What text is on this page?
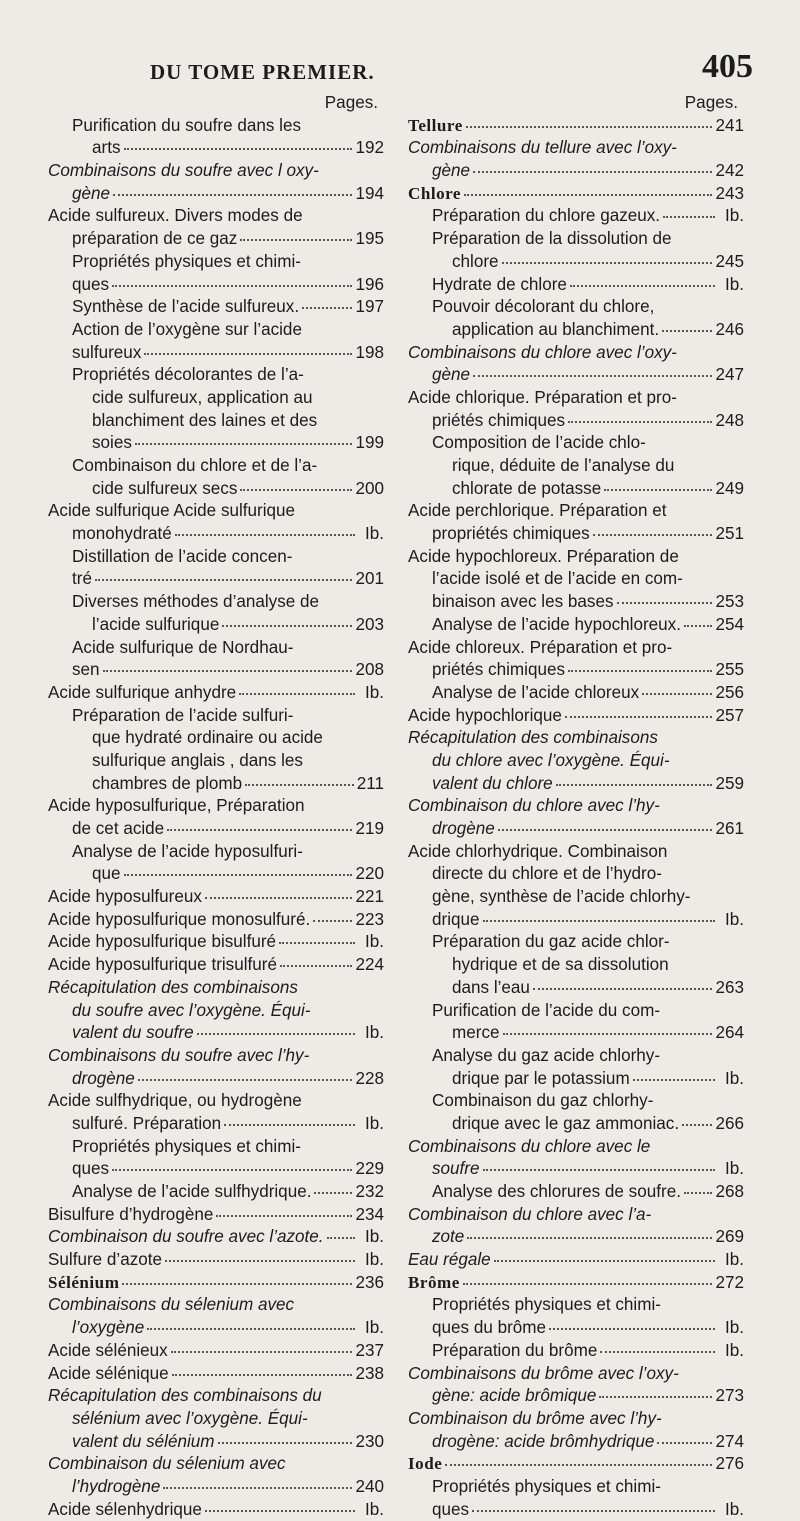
DU TOME PREMIER.	405
Pages.
Purification du soufre dans les
arts	192
Combinaisons du soufre avec l oxy-
gène	194
Acide sulfureux. Divers modes de
préparation de ce gaz	195
Propriétés physiques et chimi-
ques	196
Synthèse de l’acide sulfureux.	197
Action de l’oxygène sur l’acide
sulfureux	198
Propriétés décolorantes de l’a-
cide sulfureux, application au
blanchiment des laines et des
soies	199
Combinaison du chlore et de l’a-
cide sulfureux secs	200
Acide sulfurique Acide sulfurique
monohydraté	Ib.
Distillation de l’acide concen-
tré	201
Diverses méthodes d’analyse de
l’acide sulfurique	203
Acide sulfurique de Nordhau-
sen	208
Acide sulfurique anhydre	Ib.
Préparation de l’acide sulfuri-
que hydraté ordinaire ou acide
sulfurique anglais , dans les
chambres de plomb	211
Acide hyposulfurique, Préparation
de cet acide	219
Analyse de l’acide hyposulfuri-
que	220
Acide hyposulfureux	221
Acide hyposulfurique monosulfuré.	223
Acide hyposulfurique bisulfuré	Ib.
Acide hyposulfurique trisulfuré	224
Récapitulation des combinaisons
du soufre avec l’oxygène. Équi-
valent du soufre	Ib.
Combinaisons du soufre avec l’hy-
drogène	228
Acide sulfhydrique, ou hydrogène
sulfuré. Préparation	Ib.
Propriétés physiques et chimi-
ques	229
Analyse de l’acide sulfhydrique.	232
Bisulfure d’hydrogène	234
Combinaison du soufre avec l’azote.	Ib.
Sulfure d’azote	Ib.
Sélénium	236
Combinaisons du sélenium avec
l’oxygène	Ib.
Acide sélénieux	237
Acide sélénique	238
Récapitulation des combinaisons du
sélénium avec l’oxygène. Équi-
valent du sélénium	230
Combinaison du sélenium avec
l’hydrogène	240
Acide sélenhydrique	Ib.
Pages.
Tellure	241
Combinaisons du tellure avec l’oxy-
gène	242
Chlore	243
Préparation du chlore gazeux.	Ib.
Préparation de la dissolution de
chlore	245
Hydrate de chlore	Ib.
Pouvoir décolorant du chlore,
application au blanchiment.	246
Combinaisons du chlore avec l’oxy-
gène	247
Acide chlorique. Préparation et pro-
priétés chimiques	248
Composition de l’acide chlo-
rique, déduite de l’analyse du
chlorate de potasse	249
Acide perchlorique. Préparation et
propriétés chimiques	251
Acide hypochloreux. Préparation de
l’acide isolé et de l’acide en com-
binaison avec les bases	253
Analyse de l’acide hypochloreux. 254
Acide chloreux. Préparation et pro-
priétés chimiques	255
Analyse de l’acide chloreux	256
Acide hypochlorique	257
Récapitulation des combinaisons
du chlore avec l’oxygène. Équi-
valent du chlore	259
Combinaison du chlore avec l’hy-
drogène	261
Acide chlorhydrique. Combinaison
directe du chlore et de l’hydro-
gène, synthèse de l’acide chlorhy-
drique	Ib.
Préparation du gaz acide chlor-
hydrique et de sa dissolution
dans l’eau	263
Purification de l’acide du com-
merce	264
Analyse du gaz acide chlorhy-
drique par le potassium	Ib.
Combinaison du gaz chlorhy-
drique avec le gaz ammoniac. 266
Combinaisons du chlore avec le
soufre	Ib.
Analyse des chlorures de soufre. 268
Combinaison du chlore avec l’a-
zote	269
Eau régale	Ib.
Brôme	272
Propriétés physiques et chimi-
ques du brôme	Ib.
Préparation du brôme	Ib.
Combinaisons du brôme avec l’oxy-
gène: acide brômique	273
Combinaison du brôme avec l’hy-
drogène: acide brômhydrique	274
Iode	276
Propriétés physiques et chimi-
ques	Ib.
